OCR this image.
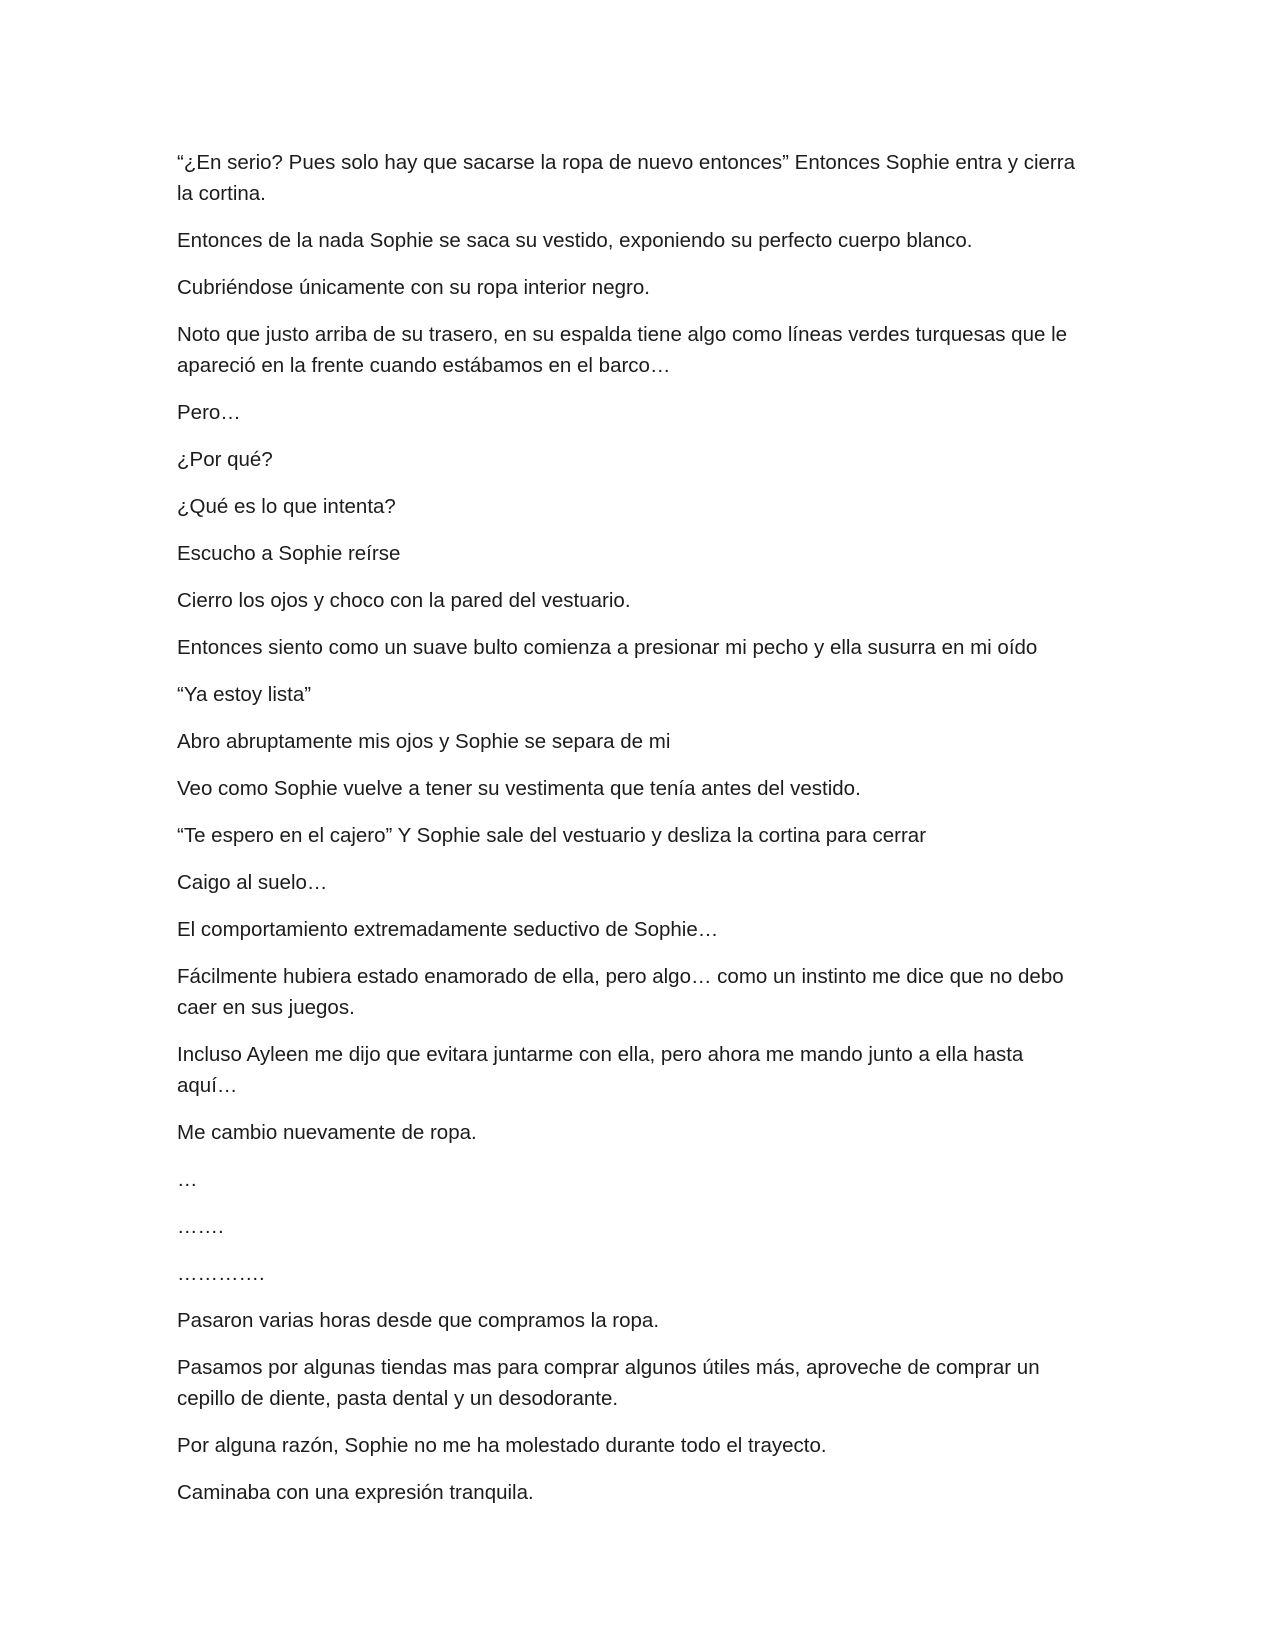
“¿En serio? Pues solo hay que sacarse la ropa de nuevo entonces” Entonces Sophie entra y cierra la cortina.

Entonces de la nada Sophie se saca su vestido, exponiendo su perfecto cuerpo blanco.

Cubriéndose únicamente con su ropa interior negro.

Noto que justo arriba de su trasero, en su espalda tiene algo como líneas verdes turquesas que le apareció en la frente cuando estábamos en el barco…

Pero…

¿Por qué?

¿Qué es lo que intenta?

Escucho a Sophie reírse

Cierro los ojos y choco con la pared del vestuario.

Entonces siento como un suave bulto comienza a presionar mi pecho y ella susurra en mi oído

“Ya estoy lista”

Abro abruptamente mis ojos y Sophie se separa de mi

Veo como Sophie vuelve a tener su vestimenta que tenía antes del vestido.

“Te espero en el cajero” Y Sophie sale del vestuario y desliza la cortina para cerrar

Caigo al suelo…

El comportamiento extremadamente seductivo de Sophie…

Fácilmente hubiera estado enamorado de ella, pero algo… como un instinto me dice que no debo caer en sus juegos.

Incluso Ayleen me dijo que evitara juntarme con ella, pero ahora me mando junto a ella hasta aquí…

Me cambio nuevamente de ropa.

…

…….

………….

Pasaron varias horas desde que compramos la ropa.

Pasamos por algunas tiendas mas para comprar algunos útiles más, aproveche de comprar un cepillo de diente, pasta dental y un desodorante.

Por alguna razón, Sophie no me ha molestado durante todo el trayecto.

Caminaba con una expresión tranquila.
